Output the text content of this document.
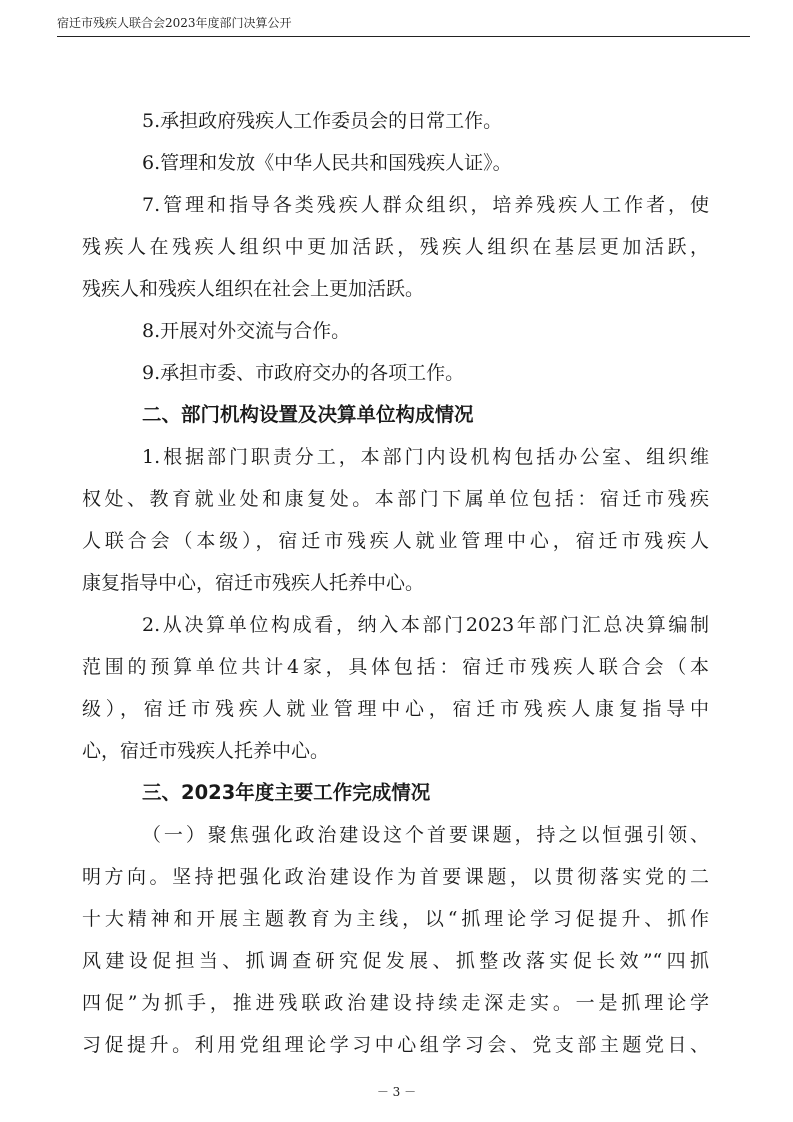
宿迁市残疾人联合会2023年度部门决算公开
5.承担政府残疾人工作委员会的日常工作。
6.管理和发放《中华人民共和国残疾人证》。
7.管理和指导各类残疾人群众组织，培养残疾人工作者，使
残疾人在残疾人组织中更加活跃，残疾人组织在基层更加活跃，
残疾人和残疾人组织在社会上更加活跃。
8.开展对外交流与合作。
9.承担市委、市政府交办的各项工作。
二、部门机构设置及决算单位构成情况
1.根据部门职责分工，本部门内设机构包括办公室、组织维
权处、教育就业处和康复处。本部门下属单位包括：宿迁市残疾
人联合会（本级），宿迁市残疾人就业管理中心，宿迁市残疾人
康复指导中心，宿迁市残疾人托养中心。
2.从决算单位构成看，纳入本部门2023年部门汇总决算编制
范围的预算单位共计4家，具体包括：宿迁市残疾人联合会（本
级），宿迁市残疾人就业管理中心，宿迁市残疾人康复指导中
心，宿迁市残疾人托养中心。
三、2023年度主要工作完成情况
（一）聚焦强化政治建设这个首要课题，持之以恒强引领、
明方向。坚持把强化政治建设作为首要课题，以贯彻落实党的二
十大精神和开展主题教育为主线，以“抓理论学习促提升、抓作
风建设促担当、抓调查研究促发展、抓整改落实促长效”“四抓
四促”为抓手，推进残联政治建设持续走深走实。一是抓理论学
习促提升。利用党组理论学习中心组学习会、党支部主题党日、
－ 3 －
